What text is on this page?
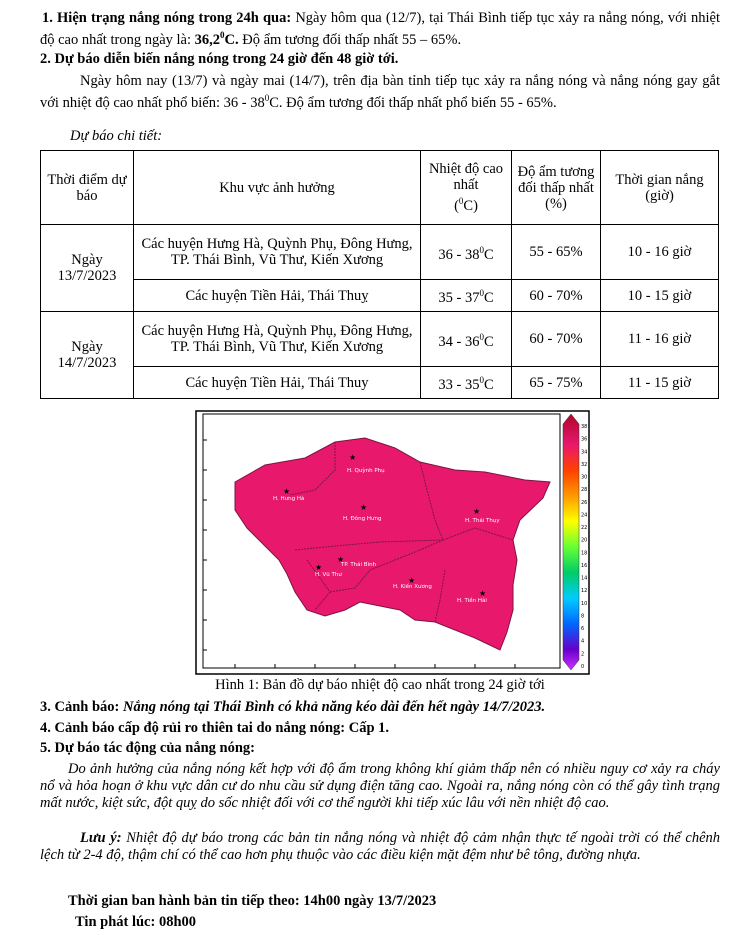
1. Hiện trạng nắng nóng trong 24h qua: Ngày hôm qua (12/7), tại Thái Bình tiếp tục xảy ra nắng nóng, với nhiệt độ cao nhất trong ngày là: 36,2$^0$C. Độ ẩm tương đối thấp nhất 55 – 65%.
2. Dự báo diễn biến nắng nóng trong 24 giờ đến 48 giờ tới.
Ngày hôm nay (13/7) và ngày mai (14/7), trên địa bàn tỉnh tiếp tục xảy ra nắng nóng và nắng nóng gay gắt với nhiệt độ cao nhất phổ biến: $36 - 38^0C$. Độ ẩm tương đối thấp nhất phổ biến 55 - 65%.
Dự báo chi tiết:
Thời điểm dự báo	Khu vực ảnh hưởng	Nhiệt độ cao nhất
($^0$C)	Độ ẩm tương đối thấp nhất (%)	Thời gian nắng (giờ)
Ngày 13/7/2023	Các huyện Hưng Hà, Quỳnh Phụ, Đông Hưng, TP. Thái Bình, Vũ Thư, Kiến Xương	$36 - 38^0C$	55 - 65%	10 - 16 giờ
	Các huyện Tiền Hải, Thái Thuỵ	$35 - 37^0C$	60 - 70%	10 - 15 giờ
Ngày 14/7/2023	Các huyện Hưng Hà, Quỳnh Phụ, Đông Hưng, TP. Thái Bình, Vũ Thư, Kiến Xương	$34 - 36^0C$	60 - 70%	11 - 16 giờ
	Các huyện Tiền Hải, Thái Thuy	$33 - 35^0C$	65 - 75%	11 - 15 giờ
H. Quỳnh Phụ
H. Hưng Hà
H. Đông Hưng	H. Thái Thụy
TP. Thái Bình
H. Vũ Thư
H. Kiến Xương
H. Tiền Hải
★
★
★	★
★
★
★
★
38
36
34
32
30
28
26
24
22
20
18
16
14
12
10
8
6
4
2
0
Hình 1: Bản đồ dự báo nhiệt độ cao nhất trong 24 giờ tới
3. Cảnh báo: Nắng nóng tại Thái Bình có khả năng kéo dài đến hết ngày 14/7/2023.
4. Cảnh báo cấp độ rủi ro thiên tai do nắng nóng: Cấp 1.
5. Dự báo tác động của nắng nóng:
Do ảnh hưởng của nắng nóng kết hợp với độ ẩm trong không khí giảm thấp nên có nhiều nguy cơ xảy ra cháy nổ và hỏa hoạn ở khu vực dân cư do nhu cầu sử dụng điện tăng cao. Ngoài ra, nắng nóng còn có thể gây tình trạng mất nước, kiệt sức, đột quỵ do sốc nhiệt đối với cơ thể người khi tiếp xúc lâu với nền nhiệt độ cao.
Lưu ý: Nhiệt độ dự báo trong các bản tin nắng nóng và nhiệt độ cảm nhận thực tế ngoài trời có thể chênh lệch từ 2-4 độ, thậm chí có thể cao hơn phụ thuộc vào các điều kiện mặt đệm như bê tông, đường nhựa.
Thời gian ban hành bản tin tiếp theo: 14h00 ngày 13/7/2023
Tin phát lúc: 08h00
